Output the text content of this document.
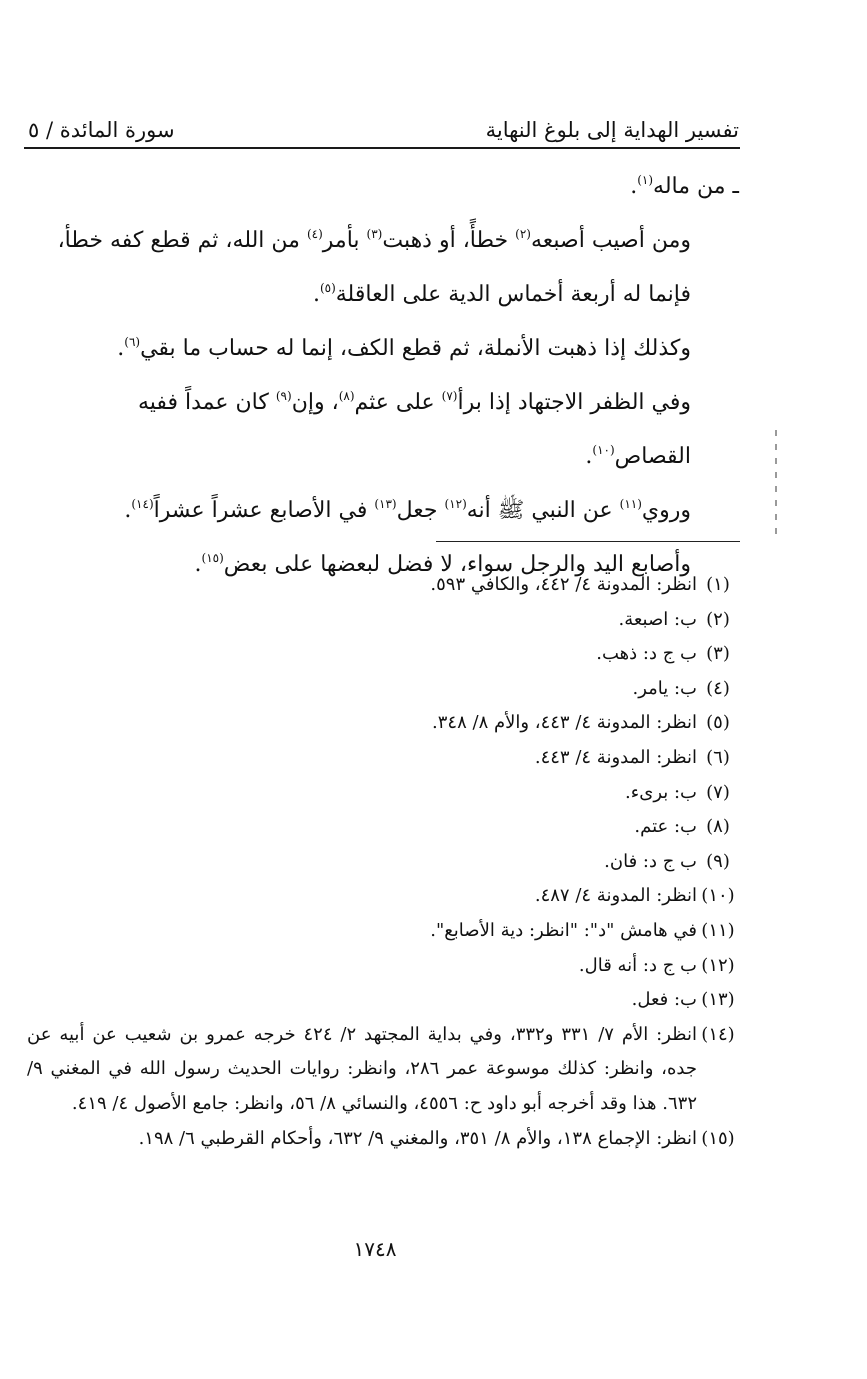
تفسير الهداية إلى بلوغ النهاية
سورة المائدة / ٥

ـ من ماله$^{(١)}$.

ومن أصيب أصبعه$^{(٢)}$ خطأً، أو ذهبت$^{(٣)}$ بأمر$^{(٤)}$ من الله، ثم قطع كفه خطأ، فإنما له أربعة أخماس الدية على العاقلة$^{(٥)}$.

وكذلك إذا ذهبت الأنملة، ثم قطع الكف، إنما له حساب ما بقي$^{(٦)}$.

وفي الظفر الاجتهاد إذا برأ$^{(٧)}$ على عثم$^{(٨)}$، وإن$^{(٩)}$ كان عمداً ففيه القصاص$^{(١٠)}$.

وروي$^{(١١)}$ عن النبي ﷺ أنه$^{(١٢)}$ جعل$^{(١٣)}$ في الأصابع عشراً عشراً$^{(١٤)}$.

وأصابع اليد والرجل سواء، لا فضل لبعضها على بعض$^{(١٥)}$.

(١)
انظر: المدونة ٤/ ٤٤٢، والكافي ٥٩٣.
(٢)
ب: اصبعة.
(٣)
ب ج د: ذهب.
(٤)
ب: يامر.
(٥)
انظر: المدونة ٤/ ٤٤٣، والأم ٨/ ٣٤٨.
(٦)
انظر: المدونة ٤/ ٤٤٣.
(٧)
ب: برىء.
(٨)
ب: عتم.
(٩)
ب ج د: فان.
(١٠)
انظر: المدونة ٤/ ٤٨٧.
(١١)
في هامش "د": "انظر: دية الأصابع".
(١٢)
ب ج د: أنه قال.
(١٣)
ب: فعل.
(١٤)
انظر: الأم ٧/ ٣٣١ و٣٣٢، وفي بداية المجتهد ٢/ ٤٢٤ خرجه عمرو بن شعيب عن أبيه عن جده، وانظر: كذلك موسوعة عمر ٢٨٦، وانظر: روايات الحديث رسول الله في المغني ٩/ ٦٣٢. هذا وقد أخرجه أبو داود ح: ٤٥٥٦، والنسائي ٨/ ٥٦، وانظر: جامع الأصول ٤/ ٤١٩.
(١٥)
انظر: الإجماع ١٣٨، والأم ٨/ ٣٥١، والمغني ٩/ ٦٣٢، وأحكام القرطبي ٦/ ١٩٨.
١٧٤٨
